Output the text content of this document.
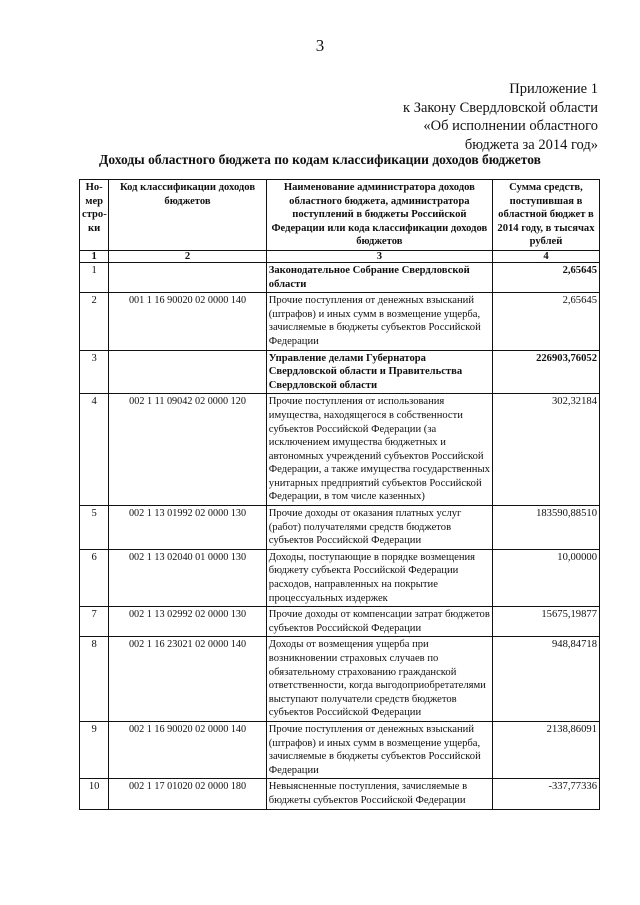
3
Приложение 1
к Закону Свердловской области
«Об исполнении областного
бюджета за 2014 год»
Доходы областного бюджета по кодам классификации доходов бюджетов
Но-мер стро-ки	Код классификации доходов бюджетов	Наименование администратора доходов областного бюджета, администратора поступлений в бюджеты Российской Федерации или кода классификации доходов бюджетов	Сумма средств, поступившая в областной бюджет в 2014 году, в тысячах рублей
1	2	3	4
1		Законодательное Собрание Свердловской области	2,65645
2	001 1 16 90020 02 0000 140	Прочие поступления от денежных взысканий (штрафов) и иных сумм в возмещение ущерба, зачисляемые в бюджеты субъектов Российской Федерации	2,65645
3		Управление делами Губернатора Свердловской области и Правительства Свердловской области	226903,76052
4	002 1 11 09042 02 0000 120	Прочие поступления от использования имущества, находящегося в собственности субъектов Российской Федерации (за исключением имущества бюджетных и автономных учреждений субъектов Российской Федерации, а также имущества государственных унитарных предприятий субъектов Российской Федерации, в том числе казенных)	302,32184
5	002 1 13 01992 02 0000 130	Прочие доходы от оказания платных услуг (работ) получателями средств бюджетов субъектов Российской Федерации	183590,88510
6	002 1 13 02040 01 0000 130	Доходы, поступающие в порядке возмещения бюджету субъекта Российской Федерации расходов, направленных на покрытие процессуальных издержек	10,00000
7	002 1 13 02992 02 0000 130	Прочие доходы от компенсации затрат бюджетов субъектов Российской Федерации	15675,19877
8	002 1 16 23021 02 0000 140	Доходы от возмещения ущерба при возникновении страховых случаев по обязательному страхованию гражданской ответственности, когда выгодоприобретателями выступают получатели средств бюджетов субъектов Российской Федерации	948,84718
9	002 1 16 90020 02 0000 140	Прочие поступления от денежных взысканий (штрафов) и иных сумм в возмещение ущерба, зачисляемые в бюджеты субъектов Российской Федерации	2138,86091
10	002 1 17 01020 02 0000 180	Невыясненные поступления, зачисляемые в бюджеты субъектов Российской Федерации	-337,77336
